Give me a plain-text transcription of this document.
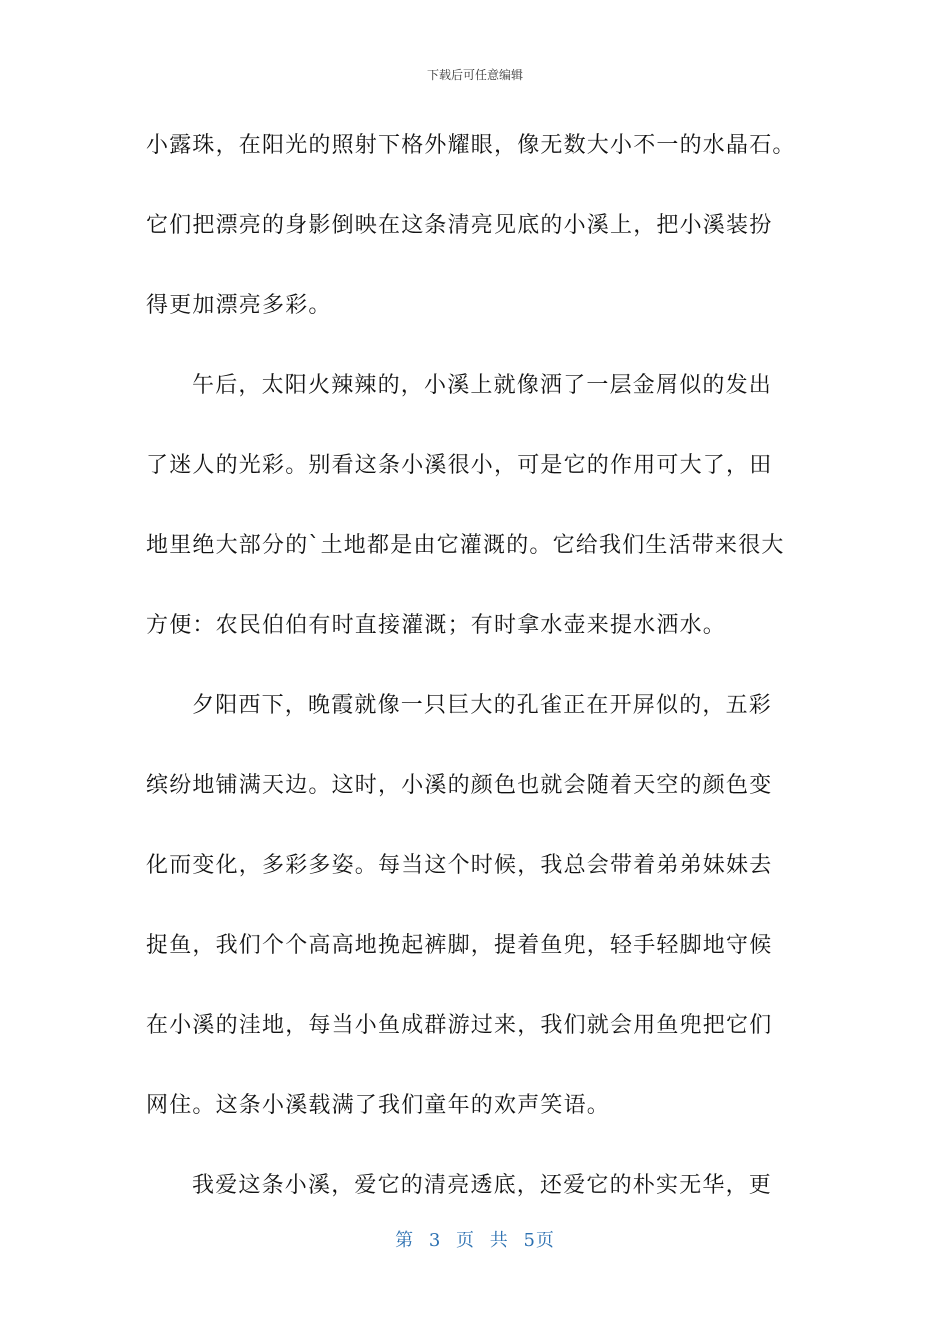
下载后可任意编辑
小露珠，在阳光的照射下格外耀眼，像无数大小不一的水晶石。
它们把漂亮的身影倒映在这条清亮见底的小溪上，把小溪装扮
得更加漂亮多彩。
午后，太阳火辣辣的，小溪上就像洒了一层金屑似的发出
了迷人的光彩。别看这条小溪很小，可是它的作用可大了，田
地里绝大部分的`土地都是由它灌溉的。它给我们生活带来很大
方便：农民伯伯有时直接灌溉；有时拿水壶来提水洒水。
夕阳西下，晚霞就像一只巨大的孔雀正在开屏似的，五彩
缤纷地铺满天边。这时，小溪的颜色也就会随着天空的颜色变
化而变化，多彩多姿。每当这个时候，我总会带着弟弟妹妹去
捉鱼，我们个个高高地挽起裤脚，提着鱼兜，轻手轻脚地守候
在小溪的洼地，每当小鱼成群游过来，我们就会用鱼兜把它们
网住。这条小溪载满了我们童年的欢声笑语。
我爱这条小溪，爱它的清亮透底，还爱它的朴实无华，更
第 3 页 共 5页
